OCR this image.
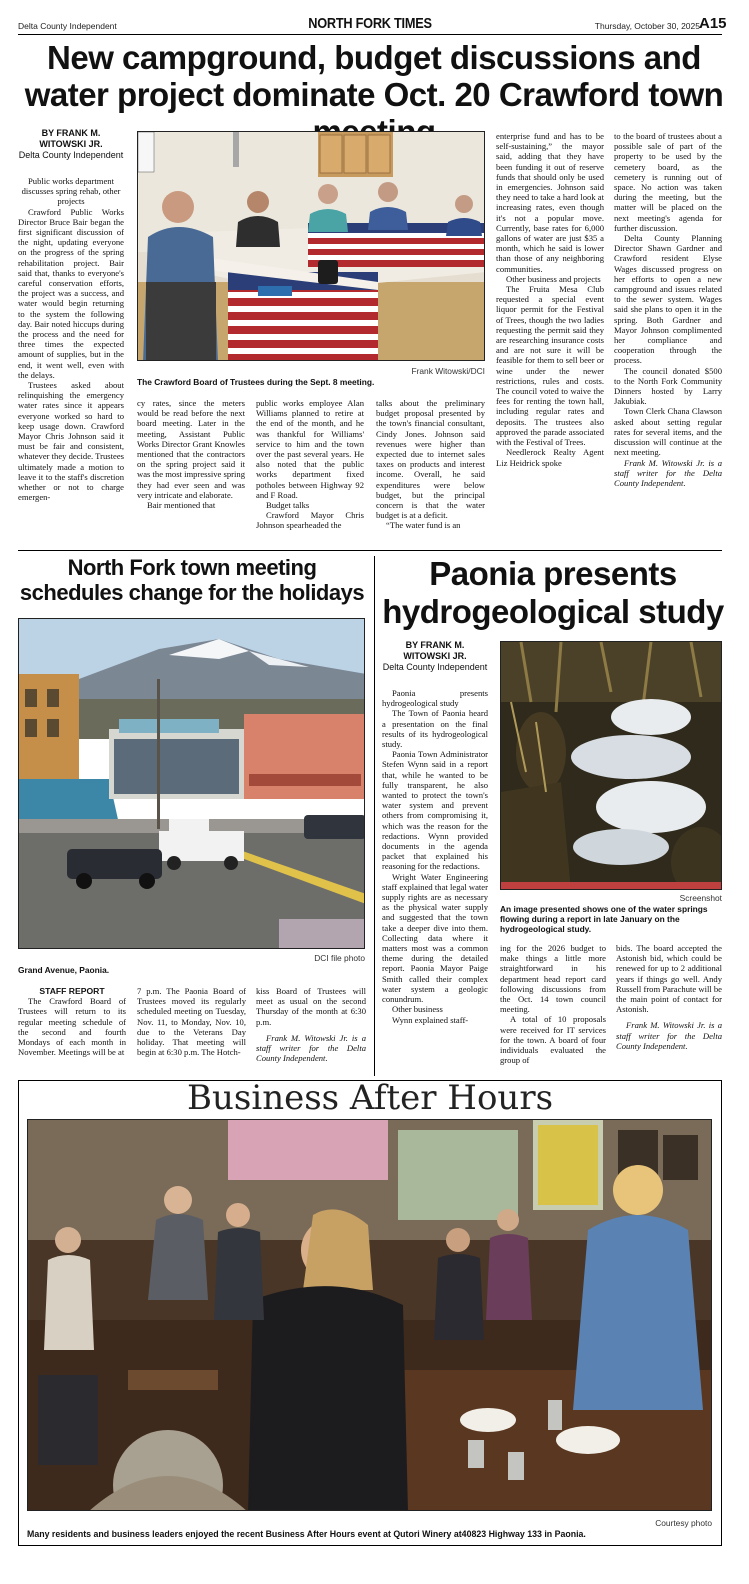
Delta County Independent	NORTH FORK TIMES	Thursday, October 30, 2025 A15
New campground, budget discussions and water project dominate Oct. 20 Crawford town
BY FRANK M. WITOWSKI JR.
Delta County Independent

Public works department discusses spring rehab, other projects

Crawford Public Works Director Bruce Bair began the first significant discussion of the night, updating everyone on the progress of the spring rehabilitation project. Bair said that, thanks to everyone's careful conservation efforts, the project was a success, and water would begin returning to the system the following day. Bair noted hiccups during the process and the need for three times the expected amount of supplies, but in the end, it went well, even with the delays.

Trustees asked about relinquishing the emergency water rates since it appears everyone worked so hard to keep usage down. Crawford Mayor Chris Johnson said it must be fair and consistent, whatever they decide. Trustees ultimately made a motion to leave it to the staff's discretion whether or not to charge emergen-

Frank Witowski/DCI
The Crawford Board of Trustees during the Sept. 8 meeting.

cy rates, since the meters would be read before the next board meeting. Later in the meeting, Assistant Public Works Director Grant Knowles mentioned that the contractors on the spring project said it was the most impressive spring they had ever seen and was very intricate and elaborate.

Bair mentioned that

public works employee Alan Williams planned to retire at the end of the month, and he was thankful for Williams' service to him and the town over the past several years. He also noted that the public works department fixed potholes between Highway 92 and F Road.

Budget talks

Crawford Mayor Chris Johnson spearheaded the

talks about the preliminary budget proposal presented by the town's financial consultant, Cindy Jones. Johnson said revenues were higher than expected due to internet sales taxes on products and interest income. Overall, he said expenditures were below budget, but the principal concern is that the water budget is at a deficit.

“The water fund is an

enterprise fund and has to be self-sustaining,” the mayor said, adding that they have been funding it out of reserve funds that should only be used in emergencies. Johnson said they need to take a hard look at increasing rates, even though it's not a popular move. Currently, base rates for 6,000 gallons of water are just $35 a month, which he said is lower than those of any neighboring communities.

Other business and projects

The Fruita Mesa Club requested a special event liquor permit for the Festival of Trees, though the two ladies requesting the permit said they are researching insurance costs and are not sure it will be feasible for them to sell beer or wine under the newer restrictions, rules and costs. The council voted to waive the fees for renting the town hall, including regular rates and deposits. The trustees also approved the parade associated with the Festival of Trees.

Needlerock Realty Agent Liz Heidrick spoke

to the board of trustees about a possible sale of part of the property to be used by the cemetery board, as the cemetery is running out of space. No action was taken during the meeting, but the matter will be placed on the next meeting's agenda for further discussion.

Delta County Planning Director Shawn Gardner and Crawford resident Elyse Wages discussed progress on her efforts to open a new campground and issues related to the sewer system. Wages said she plans to open it in the spring. Both Gardner and Mayor Johnson complimented her compliance and cooperation through the process.

The council donated $500 to the North Fork Community Dinners hosted by Larry Jakubiak.

Town Clerk Chana Clawson asked about setting regular rates for several items, and the discussion will continue at the next meeting.

Frank M. Witowski Jr. is a staff writer for the Delta County Independent.

North Fork town meeting schedules change for the holidays
DCI file photo
Grand Avenue, Paonia.

STAFF REPORT

The Crawford Board of Trustees will return to its regular meeting schedule of the second and fourth Mondays of each month in November. Meetings will be at

7 p.m. The Paonia Board of Trustees moved its regularly scheduled meeting on Tuesday, Nov. 11, to Monday, Nov. 10, due to the Veterans Day holiday. That meeting will begin at 6:30 p.m. The Hotch-

kiss Board of Trustees will meet as usual on the second Thursday of the month at 6:30 p.m.

Frank M. Witowski Jr. is a staff writer for the Delta County Independent.

Paonia presents hydrogeological study
BY FRANK M. WITOWSKI JR.
Delta County Independent

Paonia presents hydrogeological study

The Town of Paonia heard a presentation on the final results of its hydrogeological study.

Paonia Town Administrator Stefen Wynn said in a report that, while he wanted to be fully transparent, he also wanted to protect the town's water system and prevent others from compromising it, which was the reason for the redactions. Wynn provided documents in the agenda packet that explained his reasoning for the redactions.

Wright Water Engineering staff explained that legal water supply rights are as necessary as the physical water supply and suggested that the town take a deeper dive into them. Collecting data where it matters most was a common theme during the detailed report. Paonia Mayor Paige Smith called their complex water system a geologic conundrum.

Other business

Wynn explained staff-

Screenshot
An image presented shows one of the water springs flowing during a report in late January on the hydrogeological study.

ing for the 2026 budget to make things a little more straightforward in his department head report card following discussions from the Oct. 14 town council meeting.

A total of 10 proposals were received for IT services for the town. A board of four individuals evaluated the group of

bids. The board accepted the Astonish bid, which could be renewed for up to 2 additional years if things go well. Andy Russell from Parachute will be the main point of contact for Astonish.

Frank M. Witowski Jr. is a staff writer for the Delta County Independent.

Business After Hours
Courtesy photo
Many residents and business leaders enjoyed the recent Business After Hours event at Qutori Winery at40823 Highway 133 in Paonia.
